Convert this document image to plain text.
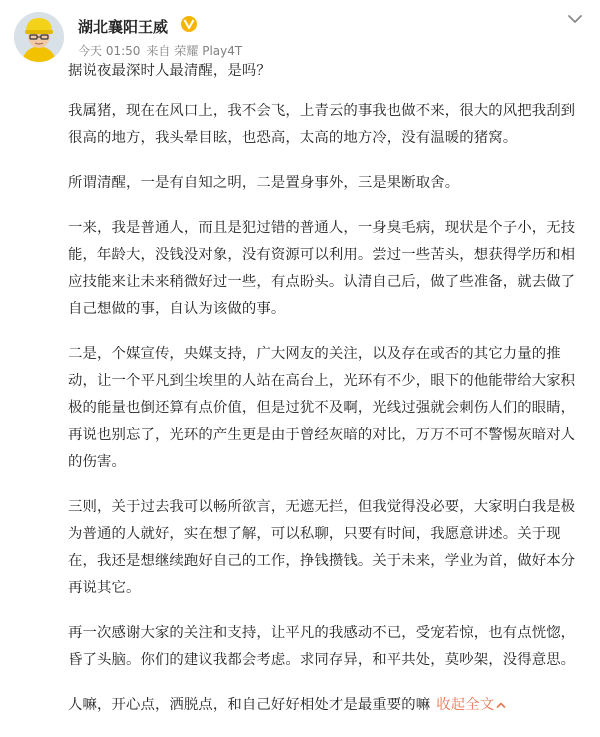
湖北襄阳王威
今天 01:50 来自 荣耀 Play4T

据说夜最深时人最清醒，是吗？

我属猪，现在在风口上，我不会飞，上青云的事我也做不来，很大的风把我刮到很高的地方，我头晕目眩，也恐高，太高的地方冷，没有温暖的猪窝。

所谓清醒，一是有自知之明，二是置身事外，三是果断取舍。

一来，我是普通人，而且是犯过错的普通人，一身臭毛病，现状是个子小，无技能，年龄大，没钱没对象，没有资源可以利用。尝过一些苦头，想获得学历和相应技能来让未来稍微好过一些，有点盼头。认清自己后，做了些准备，就去做了自己想做的事，自认为该做的事。

二是，个媒宣传，央媒支持，广大网友的关注，以及存在或否的其它力量的推动，让一个平凡到尘埃里的人站在高台上，光环有不少，眼下的他能带给大家积极的能量也倒还算有点价值，但是过犹不及啊，光线过强就会刺伤人们的眼睛，再说也别忘了，光环的产生更是由于曾经灰暗的对比，万万不可不警惕灰暗对人的伤害。

三则，关于过去我可以畅所欲言，无遮无拦，但我觉得没必要，大家明白我是极为普通的人就好，实在想了解，可以私聊，只要有时间，我愿意讲述。关于现在，我还是想继续跑好自己的工作，挣钱攒钱。关于未来，学业为首，做好本分再说其它。

再一次感谢大家的关注和支持，让平凡的我感动不已，受宠若惊，也有点恍惚，昏了头脑。你们的建议我都会考虑。求同存异，和平共处，莫吵架，没得意思。

人嘛，开心点，洒脱点，和自己好好相处才是最重要的嘛 收起全文
